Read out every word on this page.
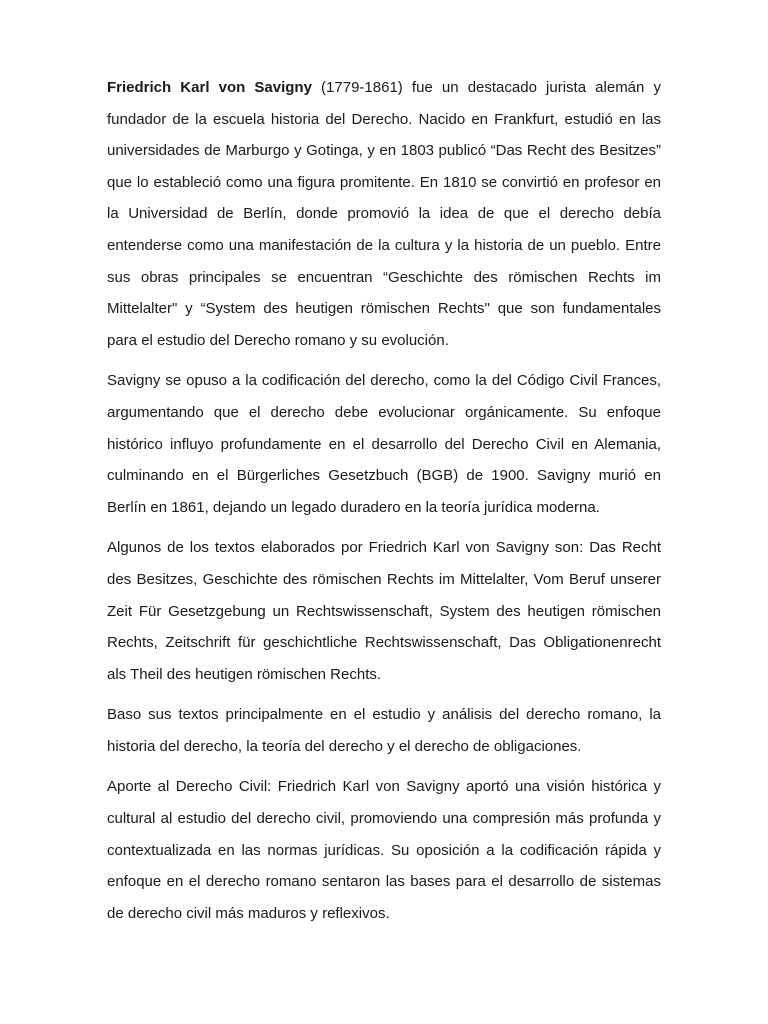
Friedrich Karl von Savigny (1779-1861) fue un destacado jurista alemán y fundador de la escuela historia del Derecho. Nacido en Frankfurt, estudió en las universidades de Marburgo y Gotinga, y en 1803 publicó “Das Recht des Besitzes” que lo estableció como una figura promitente. En 1810 se convirtió en profesor en la Universidad de Berlín, donde promovió la idea de que el derecho debía entenderse como una manifestación de la cultura y la historia de un pueblo. Entre sus obras principales se encuentran “Geschichte des römischen Rechts im Mittelalter" y “System des heutigen römischen Rechts" que son fundamentales para el estudio del Derecho romano y su evolución.

Savigny se opuso a la codificación del derecho, como la del Código Civil Frances, argumentando que el derecho debe evolucionar orgánicamente. Su enfoque histórico influyo profundamente en el desarrollo del Derecho Civil en Alemania, culminando en el Bürgerliches Gesetzbuch (BGB) de 1900. Savigny murió en Berlín en 1861, dejando un legado duradero en la teoría jurídica moderna.

Algunos de los textos elaborados por Friedrich Karl von Savigny son: Das Recht des Besitzes, Geschichte des römischen Rechts im Mittelalter, Vom Beruf unserer Zeit Für Gesetzgebung un Rechtswissenschaft, System des heutigen römischen Rechts, Zeitschrift für geschichtliche Rechtswissenschaft, Das Obligationenrecht als Theil des heutigen römischen Rechts.

Baso sus textos principalmente en el estudio y análisis del derecho romano, la historia del derecho, la teoría del derecho y el derecho de obligaciones.

Aporte al Derecho Civil: Friedrich Karl von Savigny aportó una visión histórica y cultural al estudio del derecho civil, promoviendo una compresión más profunda y contextualizada en las normas jurídicas. Su oposición a la codificación rápida y enfoque en el derecho romano sentaron las bases para el desarrollo de sistemas de derecho civil más maduros y reflexivos.
